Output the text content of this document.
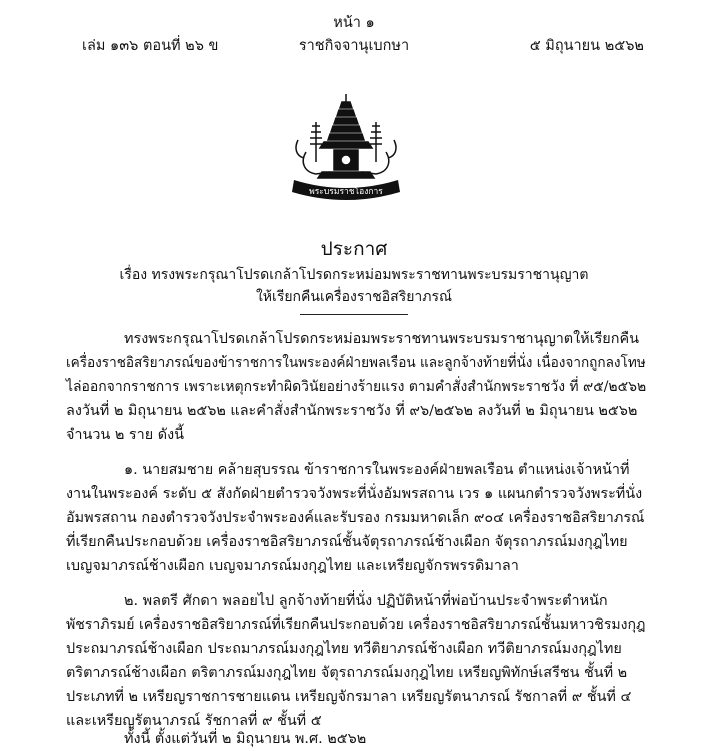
หน้า ๑
เล่ม ๑๓๖ ตอนที่ ๒๖ ข	ราชกิจจานุเบกษา	๕ มิถุนายน ๒๕๖๒
พระบรมราชโองการ
ประกาศ
เรื่อง ทรงพระกรุณาโปรดเกล้าโปรดกระหม่อมพระราชทานพระบรมราชานุญาต
ให้เรียกคืนเครื่องราชอิสริยาภรณ์
ทรงพระกรุณาโปรดเกล้าโปรดกระหม่อมพระราชทานพระบรมราชานุญาตให้เรียกคืน
เครื่องราชอิสริยาภรณ์ของข้าราชการในพระองค์ฝ่ายพลเรือน และลูกจ้างท้ายที่นั่ง เนื่องจากถูกลงโทษ
ไล่ออกจากราชการ เพราะเหตุกระทำผิดวินัยอย่างร้ายแรง ตามคำสั่งสำนักพระราชวัง ที่ ๙๕/๒๕๖๒
ลงวันที่ ๒ มิถุนายน ๒๕๖๒ และคำสั่งสำนักพระราชวัง ที่ ๙๖/๒๕๖๒ ลงวันที่ ๒ มิถุนายน ๒๕๖๒
จำนวน ๒ ราย ดังนี้
๑. นายสมชาย คล้ายสุบรรณ ข้าราชการในพระองค์ฝ่ายพลเรือน ตำแหน่งเจ้าหน้าที่
งานในพระองค์ ระดับ ๕ สังกัดฝ่ายตำรวจวังพระที่นั่งอัมพรสถาน เวร ๑ แผนกตำรวจวังพระที่นั่ง
อัมพรสถาน กองตำรวจวังประจำพระองค์และรับรอง กรมมหาดเล็ก ๙๐๔ เครื่องราชอิสริยาภรณ์
ที่เรียกคืนประกอบด้วย เครื่องราชอิสริยาภรณ์ชั้นจัตุรถาภรณ์ช้างเผือก จัตุรถาภรณ์มงกุฎไทย
เบญจมาภรณ์ช้างเผือก เบญจมาภรณ์มงกุฎไทย และเหรียญจักรพรรดิมาลา
๒. พลตรี ศักดา พลอยไป ลูกจ้างท้ายที่นั่ง ปฏิบัติหน้าที่พ่อบ้านประจำพระตำหนัก
พัชราภิรมย์ เครื่องราชอิสริยาภรณ์ที่เรียกคืนประกอบด้วย เครื่องราชอิสริยาภรณ์ชั้นมหาวชิรมงกุฎ
ประถมาภรณ์ช้างเผือก ประถมาภรณ์มงกุฎไทย ทวีติยาภรณ์ช้างเผือก ทวีติยาภรณ์มงกุฎไทย
ตริตาภรณ์ช้างเผือก ตริตาภรณ์มงกุฎไทย จัตุรถาภรณ์มงกุฎไทย เหรียญพิทักษ์เสรีชน ชั้นที่ ๒
ประเภทที่ ๒ เหรียญราชการชายแดน เหรียญจักรมาลา เหรียญรัตนาภรณ์ รัชกาลที่ ๙ ชั้นที่ ๔
และเหรียญรัตนาภรณ์ รัชกาลที่ ๙ ชั้นที่ ๕
ทั้งนี้ ตั้งแต่วันที่ ๒ มิถุนายน พ.ศ. ๒๕๖๒
